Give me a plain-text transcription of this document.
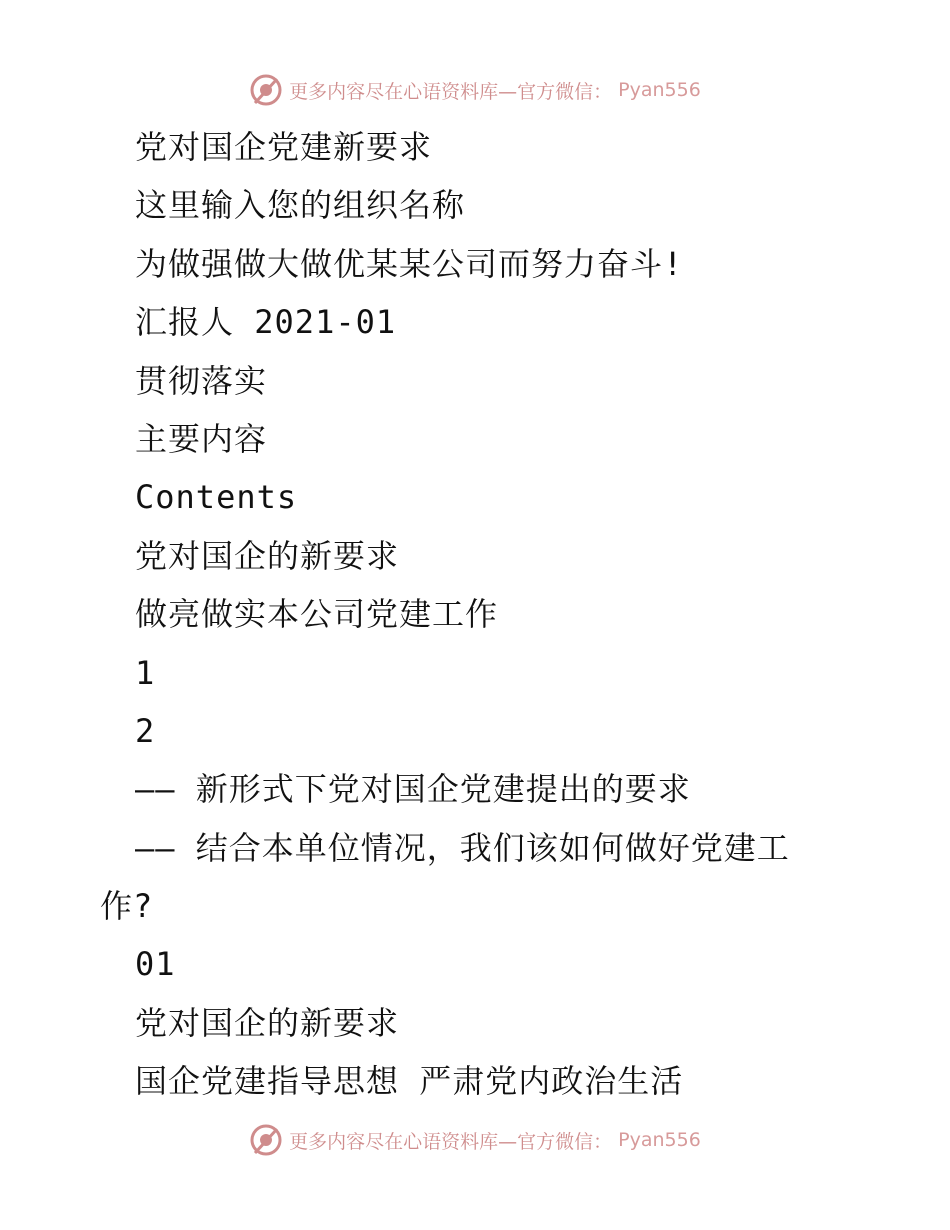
更多内容尽在心语资料库—官方微信： Pyan556
党对国企党建新要求
这里输入您的组织名称
为做强做大做优某某公司而努力奋斗!
汇报人 2021-01
贯彻落实
主要内容
Contents
党对国企的新要求
做亮做实本公司党建工作
1
2
—— 新形式下党对国企党建提出的要求
—— 结合本单位情况，我们该如何做好党建工
作?
01
党对国企的新要求
国企党建指导思想 严肃党内政治生活
更多内容尽在心语资料库—官方微信： Pyan556
